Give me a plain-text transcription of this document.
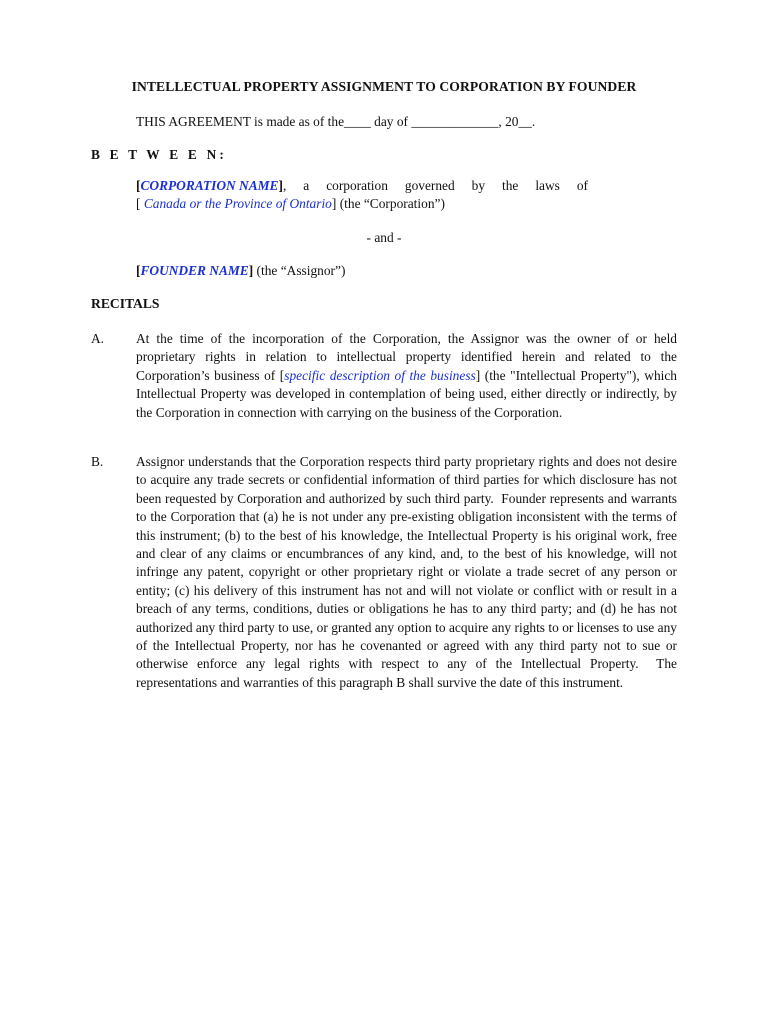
INTELLECTUAL PROPERTY ASSIGNMENT TO CORPORATION BY FOUNDER
THIS AGREEMENT is made as of the____ day of _____________, 20__.
B E T W E E N:
[CORPORATION NAME], a corporation governed by the laws of
[ Canada or the Province of Ontario] (the “Corporation”)
- and -
[FOUNDER NAME] (the “Assignor”)
RECITALS
A. At the time of the incorporation of the Corporation, the Assignor was the owner of or held proprietary rights in relation to intellectual property identified herein and related to the Corporation’s business of [specific description of the business] (the "Intellectual Property"), which Intellectual Property was developed in contemplation of being used, either directly or indirectly, by the Corporation in connection with carrying on the business of the Corporation.
B. Assignor understands that the Corporation respects third party proprietary rights and does not desire to acquire any trade secrets or confidential information of third parties for which disclosure has not been requested by Corporation and authorized by such third party.  Founder represents and warrants to the Corporation that (a) he is not under any pre-existing obligation inconsistent with the terms of this instrument; (b) to the best of his knowledge, the Intellectual Property is his original work, free and clear of any claims or encumbrances of any kind, and, to the best of his knowledge, will not infringe any patent, copyright or other proprietary right or violate a trade secret of any person or entity; (c) his delivery of this instrument has not and will not violate or conflict with or result in a breach of any terms, conditions, duties or obligations he has to any third party; and (d) he has not authorized any third party to use, or granted any option to acquire any rights to or licenses to use any of the Intellectual Property, nor has he covenanted or agreed with any third party not to sue or otherwise enforce any legal rights with respect to any of the Intellectual Property.  The representations and warranties of this paragraph B shall survive the date of this instrument.
